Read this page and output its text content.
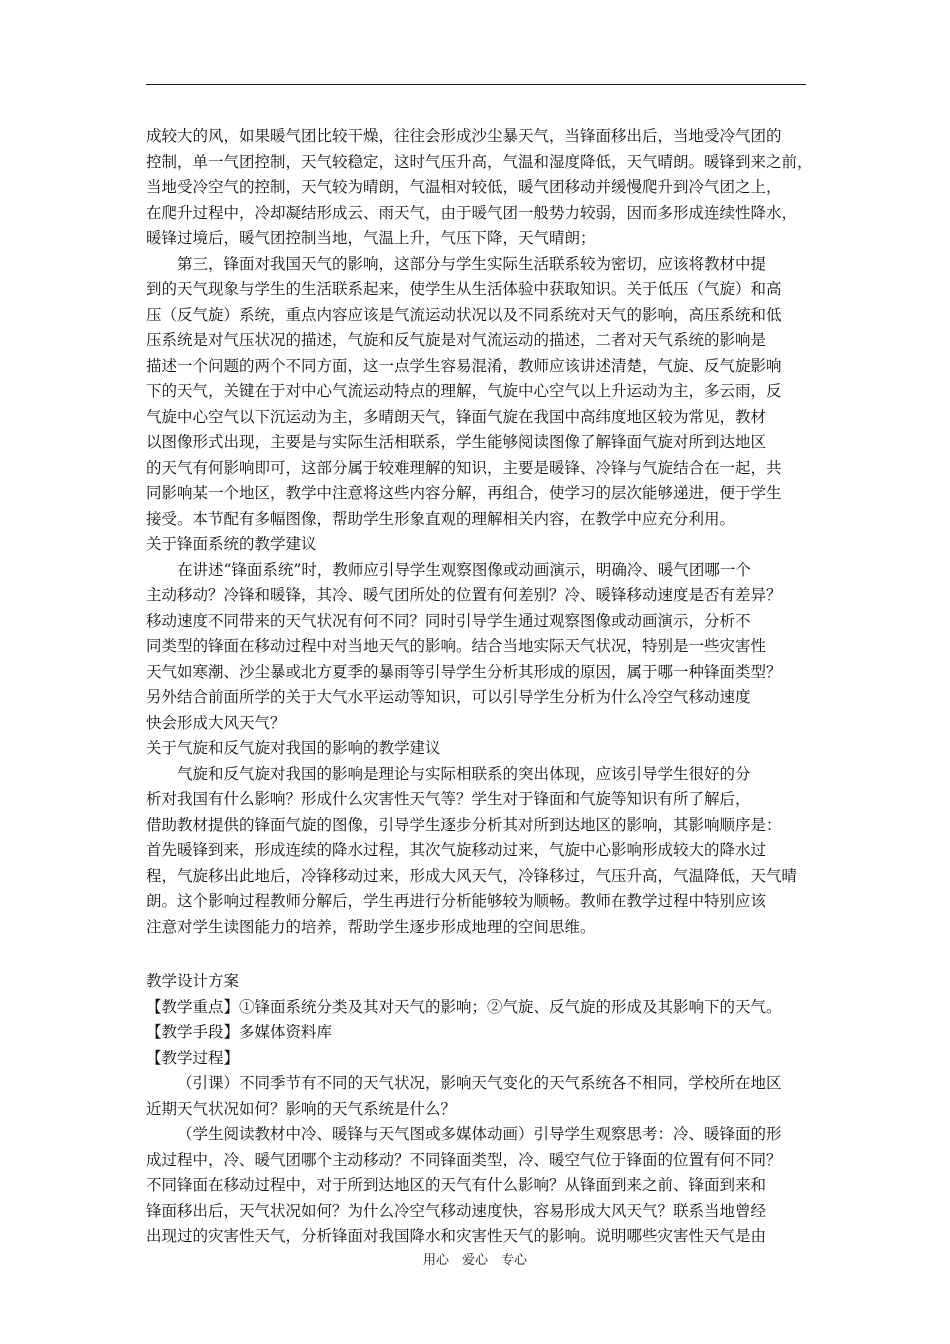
成较大的风，如果暖气团比较干燥，往往会形成沙尘暴天气，当锋面移出后，当地受冷气团的
控制，单一气团控制，天气较稳定，这时气压升高，气温和湿度降低，天气晴朗。暖锋到来之前，
当地受冷空气的控制，天气较为晴朗，气温相对较低，暖气团移动并缓慢爬升到冷气团之上，
在爬升过程中，冷却凝结形成云、雨天气，由于暖气团一般势力较弱，因而多形成连续性降水，
暖锋过境后，暖气团控制当地，气温上升，气压下降，天气晴朗；
第三，锋面对我国天气的影响，这部分与学生实际生活联系较为密切，应该将教材中提
到的天气现象与学生的生活联系起来，使学生从生活体验中获取知识。关于低压（气旋）和高
压（反气旋）系统，重点内容应该是气流运动状况以及不同系统对天气的影响，高压系统和低
压系统是对气压状况的描述，气旋和反气旋是对气流运动的描述，二者对天气系统的影响是
描述一个问题的两个不同方面，这一点学生容易混淆，教师应该讲述清楚，气旋、反气旋影响
下的天气，关键在于对中心气流运动特点的理解，气旋中心空气以上升运动为主，多云雨，反
气旋中心空气以下沉运动为主，多晴朗天气，锋面气旋在我国中高纬度地区较为常见，教材
以图像形式出现，主要是与实际生活相联系，学生能够阅读图像了解锋面气旋对所到达地区
的天气有何影响即可，这部分属于较难理解的知识，主要是暖锋、冷锋与气旋结合在一起，共
同影响某一个地区，教学中注意将这些内容分解，再组合，使学习的层次能够递进，便于学生
接受。本节配有多幅图像，帮助学生形象直观的理解相关内容，在教学中应充分利用。
关于锋面系统的教学建议
在讲述“锋面系统”时，教师应引导学生观察图像或动画演示，明确冷、暖气团哪一个
主动移动？冷锋和暖锋，其冷、暖气团所处的位置有何差别？冷、暖锋移动速度是否有差异？
移动速度不同带来的天气状况有何不同？同时引导学生通过观察图像或动画演示，分析不
同类型的锋面在移动过程中对当地天气的影响。结合当地实际天气状况，特别是一些灾害性
天气如寒潮、沙尘暴或北方夏季的暴雨等引导学生分析其形成的原因，属于哪一种锋面类型？
另外结合前面所学的关于大气水平运动等知识，可以引导学生分析为什么冷空气移动速度
快会形成大风天气？
关于气旋和反气旋对我国的影响的教学建议
气旋和反气旋对我国的影响是理论与实际相联系的突出体现，应该引导学生很好的分
析对我国有什么影响？形成什么灾害性天气等？学生对于锋面和气旋等知识有所了解后，
借助教材提供的锋面气旋的图像，引导学生逐步分析其对所到达地区的影响，其影响顺序是：
首先暖锋到来，形成连续的降水过程，其次气旋移动过来，气旋中心影响形成较大的降水过
程，气旋移出此地后，冷锋移动过来，形成大风天气，冷锋移过，气压升高，气温降低，天气晴
朗。这个影响过程教师分解后，学生再进行分析能够较为顺畅。教师在教学过程中特别应该
注意对学生读图能力的培养，帮助学生逐步形成地理的空间思维。
教学设计方案
【教学重点】①锋面系统分类及其对天气的影响；②气旋、反气旋的形成及其影响下的天气。
【教学手段】多媒体资料库
【教学过程】
（引课）不同季节有不同的天气状况，影响天气变化的天气系统各不相同，学校所在地区
近期天气状况如何？影响的天气系统是什么？
（学生阅读教材中冷、暖锋与天气图或多媒体动画）引导学生观察思考：冷、暖锋面的形
成过程中，冷、暖气团哪个主动移动？不同锋面类型，冷、暖空气位于锋面的位置有何不同？
不同锋面在移动过程中，对于所到达地区的天气有什么影响？从锋面到来之前、锋面到来和
锋面移出后，天气状况如何？为什么冷空气移动速度快，容易形成大风天气？联系当地曾经
出现过的灾害性天气，分析锋面对我国降水和灾害性天气的影响。说明哪些灾害性天气是由
用心　爱心　专心
